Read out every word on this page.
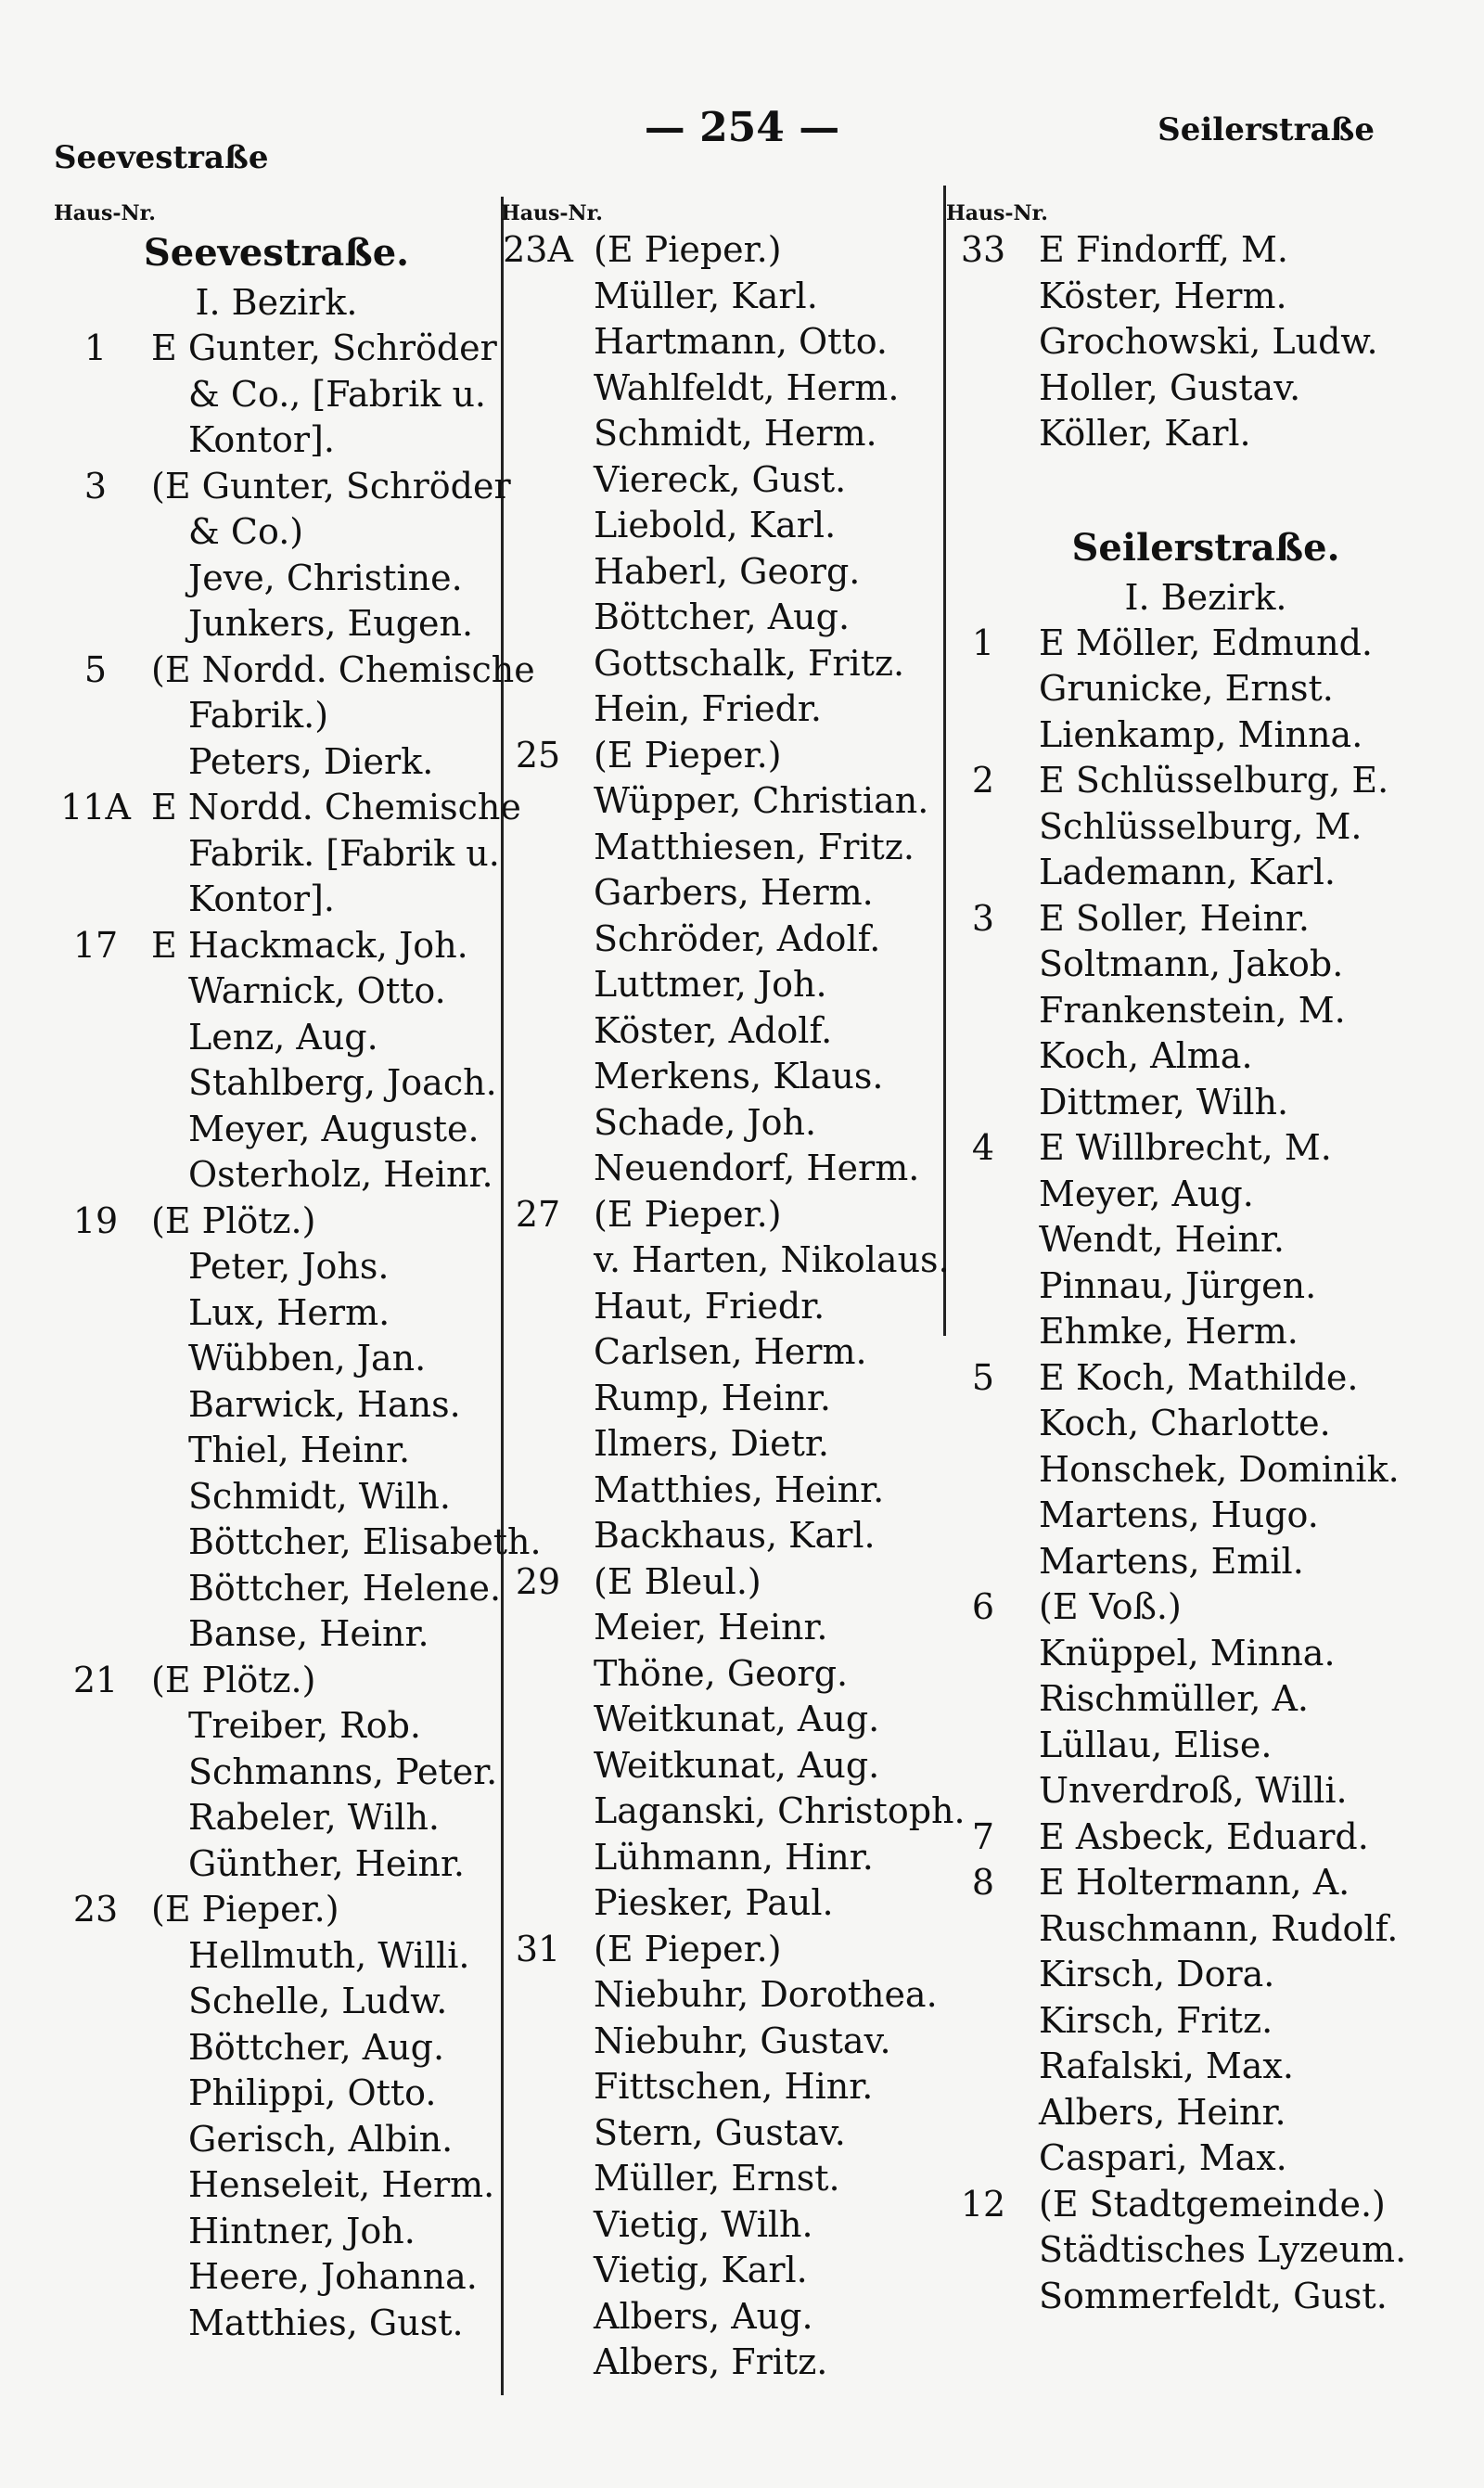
Seevestraße
— 254 —	Seilerstraße
Haus-Nr.
Seevestraße.
I. Bezirk.
1	E Gunter, Schröder
& Co., [Fabrik u.
Kontor].
3	(E Gunter, Schröder
& Co.)
Jeve, Christine.
Junkers, Eugen.
5	(E Nordd. Chemische
Fabrik.)
Peters, Dierk.
11A E Nordd. Chemische
Fabrik. [Fabrik u.
Kontor].
17 E Hackmack, Joh.
Warnick, Otto.
Lenz, Aug.
Stahlberg, Joach.
Meyer, Auguste.
Osterholz, Heinr.
19 (E Plötz.)
Peter, Johs.
Lux, Herm.
Wübben, Jan.
Barwick, Hans.
Thiel, Heinr.
Schmidt, Wilh.
Böttcher, Elisabeth.
Böttcher, Helene.
Banse, Heinr.
21 (E Plötz.)
Treiber, Rob.
Schmanns, Peter.
Rabeler, Wilh.
Günther, Heinr.
23 (E Pieper.)
Hellmuth, Willi.
Schelle, Ludw.
Böttcher, Aug.
Philippi, Otto.
Gerisch, Albin.
Henseleit, Herm.
Hintner, Joh.
Heere, Johanna.
Matthies, Gust.
Haus-Nr.
23A (E Pieper.)
Müller, Karl.
Hartmann, Otto.
Wahlfeldt, Herm.
Schmidt, Herm.
Viereck, Gust.
Liebold, Karl.
Haberl, Georg.
Böttcher, Aug.
Gottschalk, Fritz.
Hein, Friedr.
25 (E Pieper.)
Wüpper, Christian.
Matthiesen, Fritz.
Garbers, Herm.
Schröder, Adolf.
Luttmer, Joh.
Köster, Adolf.
Merkens, Klaus.
Schade, Joh.
Neuendorf, Herm.
27 (E Pieper.)
v. Harten, Nikolaus.
Haut, Friedr.
Carlsen, Herm.
Rump, Heinr.
Ilmers, Dietr.
Matthies, Heinr.
Backhaus, Karl.
29 (E Bleul.)
Meier, Heinr.
Thöne, Georg.
Weitkunat, Aug.
Weitkunat, Aug.
Laganski, Christoph.
Lühmann, Hinr.
Piesker, Paul.
31 (E Pieper.)
Niebuhr, Dorothea.
Niebuhr, Gustav.
Fittschen, Hinr.
Stern, Gustav.
Müller, Ernst.
Vietig, Wilh.
Vietig, Karl.
Albers, Aug.
Albers, Fritz.
Haus-Nr.
33 E Findorff, M.
Köster, Herm.
Grochowski, Ludw.
Holler, Gustav.
Köller, Karl.
Seilerstraße.
I. Bezirk.
1	E Möller, Edmund.
Grunicke, Ernst.
Lienkamp, Minna.
2	E Schlüsselburg, E.
Schlüsselburg, M.
Lademann, Karl.
3	E Soller, Heinr.
Soltmann, Jakob.
Frankenstein, M.
Koch, Alma.
Dittmer, Wilh.
4	E Willbrecht, M.
Meyer, Aug.
Wendt, Heinr.
Pinnau, Jürgen.
Ehmke, Herm.
5	E Koch, Mathilde.
Koch, Charlotte.
Honschek, Dominik.
Martens, Hugo.
Martens, Emil.
6	(E Voß.)
Knüppel, Minna.
Rischmüller, A.
Lüllau, Elise.
Unverdroß, Willi.
7	E Asbeck, Eduard.
8	E Holtermann, A.
Ruschmann, Rudolf.
Kirsch, Dora.
Kirsch, Fritz.
Rafalski, Max.
Albers, Heinr.
Caspari, Max.
12 (E Stadtgemeinde.)
Städtisches Lyzeum.
Sommerfeldt, Gust.
